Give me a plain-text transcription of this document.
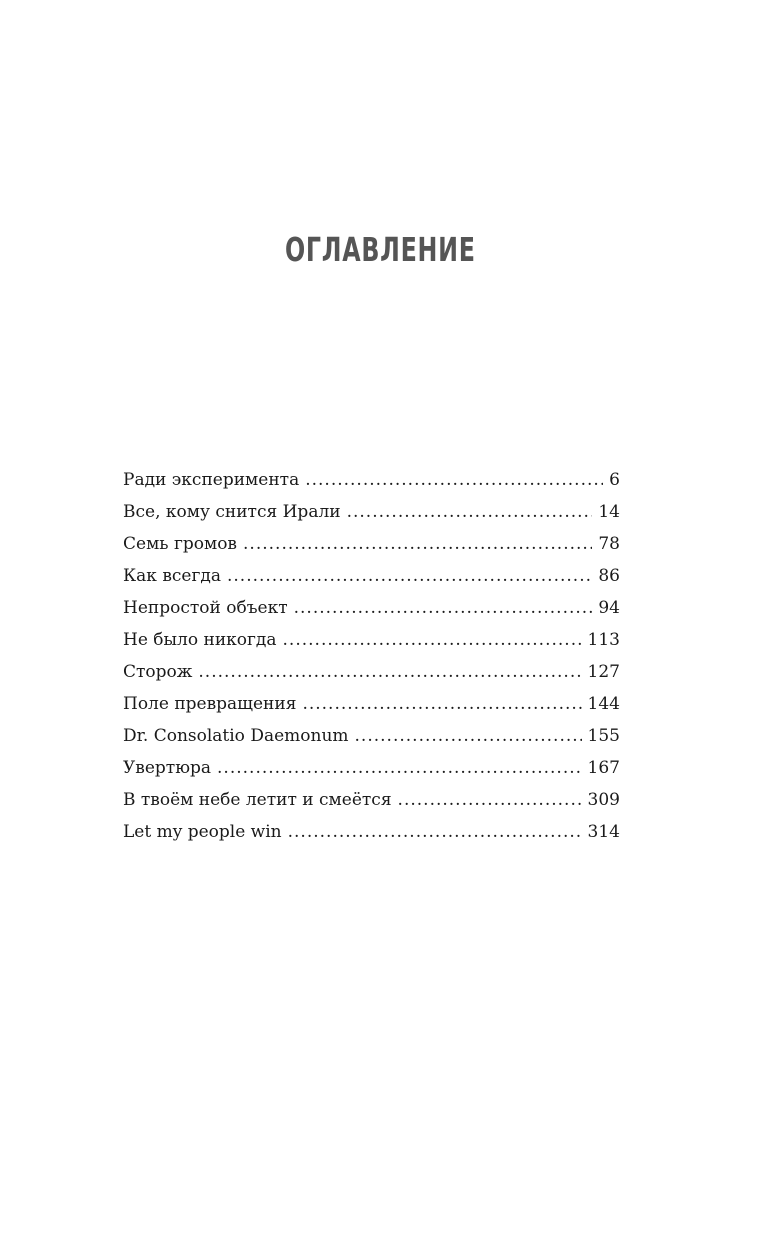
ОГЛАВЛЕНИЕ
Ради эксперимента .....	6
Все, кому снится Ирали .....	14
Семь громов .....	78
Как всегда .....	86
Непростой объект .....	94
Не было никогда .....	113
Сторож .....	127
Поле превращения .....	144
Dr. Consolatio Daemonum .....	155
Увертюра .....	167
В твоём небе летит и смеётся .....	309
Let my people win .....	314
